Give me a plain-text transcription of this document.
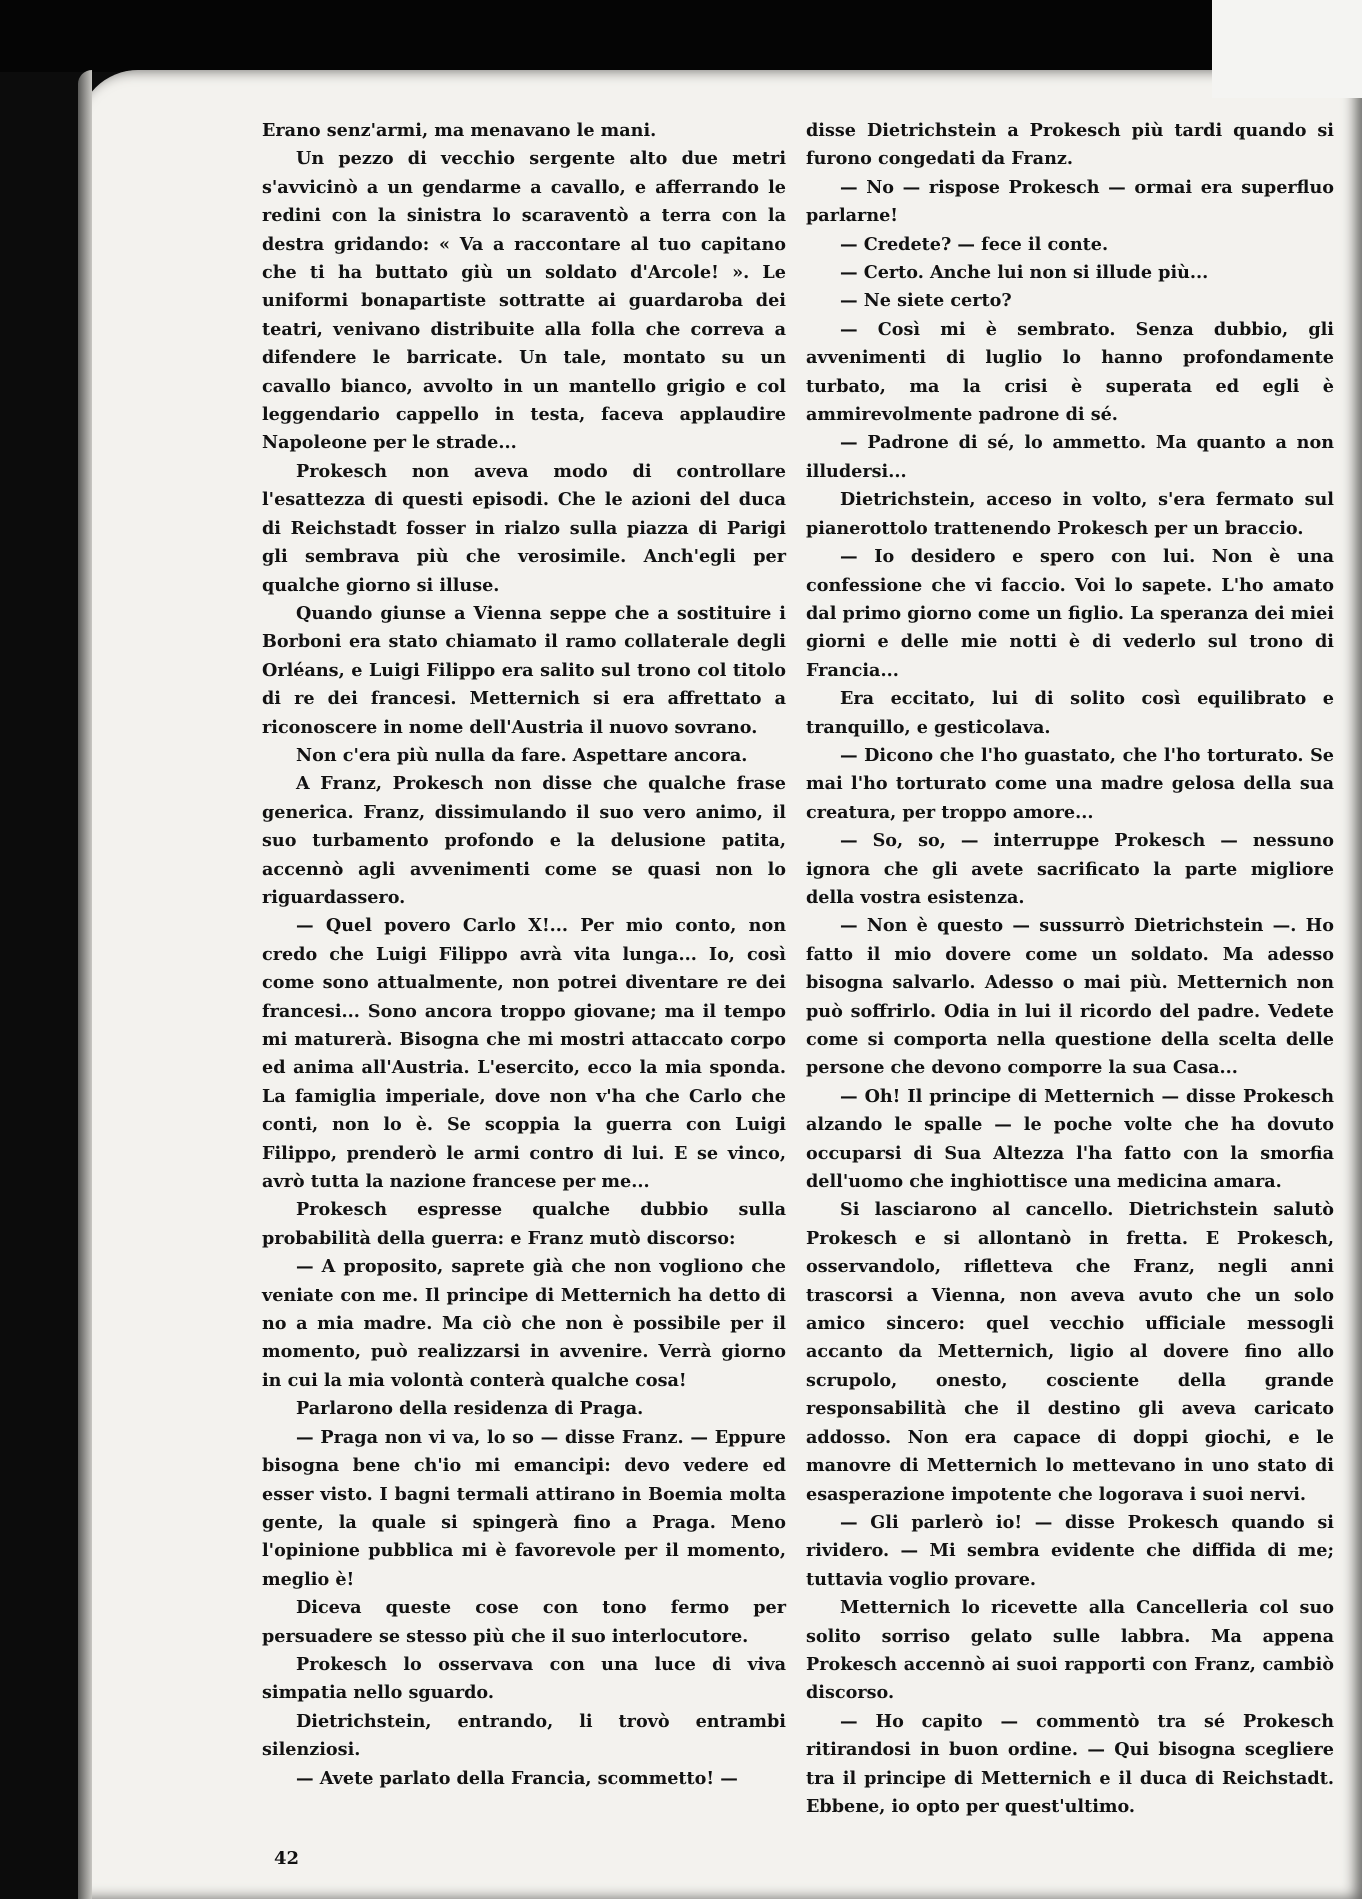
Erano senz'armi, ma menavano le mani.

Un pezzo di vecchio sergente alto due metri s'avvicinò a un gendarme a cavallo, e afferrando le redini con la sinistra lo scaraventò a terra con la destra gridando: « Va a raccontare al tuo capitano che ti ha buttato giù un soldato d'Arcole! ». Le uniformi bonapartiste sottratte ai guardaroba dei teatri, venivano distribuite alla folla che correva a difendere le barricate. Un tale, montato su un cavallo bianco, avvolto in un mantello grigio e col leggendario cappello in testa, faceva applaudire Napoleone per le strade...

Prokesch non aveva modo di controllare l'esattezza di questi episodi. Che le azioni del duca di Reichstadt fosser in rialzo sulla piazza di Parigi gli sembrava più che verosimile. Anch'egli per qualche giorno si illuse.

Quando giunse a Vienna seppe che a sostituire i Borboni era stato chiamato il ramo collaterale degli Orléans, e Luigi Filippo era salito sul trono col titolo di re dei francesi. Metternich si era affrettato a riconoscere in nome dell'Austria il nuovo sovrano.

Non c'era più nulla da fare. Aspettare ancora.

A Franz, Prokesch non disse che qualche frase generica. Franz, dissimulando il suo vero animo, il suo turbamento profondo e la delusione patita, accennò agli avvenimenti come se quasi non lo riguardassero.

— Quel povero Carlo X!... Per mio conto, non credo che Luigi Filippo avrà vita lunga... Io, così come sono attualmente, non potrei diventare re dei francesi... Sono ancora troppo giovane; ma il tempo mi maturerà. Bisogna che mi mostri attaccato corpo ed anima all'Austria. L'esercito, ecco la mia sponda. La famiglia imperiale, dove non v'ha che Carlo che conti, non lo è. Se scoppia la guerra con Luigi Filippo, prenderò le armi contro di lui. E se vinco, avrò tutta la nazione francese per me...

Prokesch espresse qualche dubbio sulla probabilità della guerra: e Franz mutò discorso:

— A proposito, saprete già che non vogliono che veniate con me. Il principe di Metternich ha detto di no a mia madre. Ma ciò che non è possibile per il momento, può realizzarsi in avvenire. Verrà giorno in cui la mia volontà conterà qualche cosa!

Parlarono della residenza di Praga.

— Praga non vi va, lo so — disse Franz. — Eppure bisogna bene ch'io mi emancipi: devo vedere ed esser visto. I bagni termali attirano in Boemia molta gente, la quale si spingerà fino a Praga. Meno l'opinione pubblica mi è favorevole per il momento, meglio è!

Diceva queste cose con tono fermo per persuadere se stesso più che il suo interlocutore.

Prokesch lo osservava con una luce di viva simpatia nello sguardo.

Dietrichstein, entrando, li trovò entrambi silenziosi.

— Avete parlato della Francia, scommetto! —

disse Dietrichstein a Prokesch più tardi quando si furono congedati da Franz.

— No — rispose Prokesch — ormai era superfluo parlarne!

— Credete? — fece il conte.

— Certo. Anche lui non si illude più...

— Ne siete certo?

— Così mi è sembrato. Senza dubbio, gli avvenimenti di luglio lo hanno profondamente turbato, ma la crisi è superata ed egli è ammirevolmente padrone di sé.

— Padrone di sé, lo ammetto. Ma quanto a non illudersi...

Dietrichstein, acceso in volto, s'era fermato sul pianerottolo trattenendo Prokesch per un braccio.

— Io desidero e spero con lui. Non è una confessione che vi faccio. Voi lo sapete. L'ho amato dal primo giorno come un figlio. La speranza dei miei giorni e delle mie notti è di vederlo sul trono di Francia...

Era eccitato, lui di solito così equilibrato e tranquillo, e gesticolava.

— Dicono che l'ho guastato, che l'ho torturato. Se mai l'ho torturato come una madre gelosa della sua creatura, per troppo amore...

— So, so, — interruppe Prokesch — nessuno ignora che gli avete sacrificato la parte migliore della vostra esistenza.

— Non è questo — sussurrò Dietrichstein —. Ho fatto il mio dovere come un soldato. Ma adesso bisogna salvarlo. Adesso o mai più. Metternich non può soffrirlo. Odia in lui il ricordo del padre. Vedete come si comporta nella questione della scelta delle persone che devono comporre la sua Casa...

— Oh! Il principe di Metternich — disse Prokesch alzando le spalle — le poche volte che ha dovuto occuparsi di Sua Altezza l'ha fatto con la smorfia dell'uomo che inghiottisce una medicina amara.

Si lasciarono al cancello. Dietrichstein salutò Prokesch e si allontanò in fretta. E Prokesch, osservandolo, rifletteva che Franz, negli anni trascorsi a Vienna, non aveva avuto che un solo amico sincero: quel vecchio ufficiale messogli accanto da Metternich, ligio al dovere fino allo scrupolo, onesto, cosciente della grande responsabilità che il destino gli aveva caricato addosso. Non era capace di doppi giochi, e le manovre di Metternich lo mettevano in uno stato di esasperazione impotente che logorava i suoi nervi.

— Gli parlerò io! — disse Prokesch quando si rividero. — Mi sembra evidente che diffida di me; tuttavia voglio provare.

Metternich lo ricevette alla Cancelleria col suo solito sorriso gelato sulle labbra. Ma appena Prokesch accennò ai suoi rapporti con Franz, cambiò discorso.

— Ho capito — commentò tra sé Prokesch ritirandosi in buon ordine. — Qui bisogna scegliere tra il principe di Metternich e il duca di Reichstadt. Ebbene, io opto per quest'ultimo.

42
